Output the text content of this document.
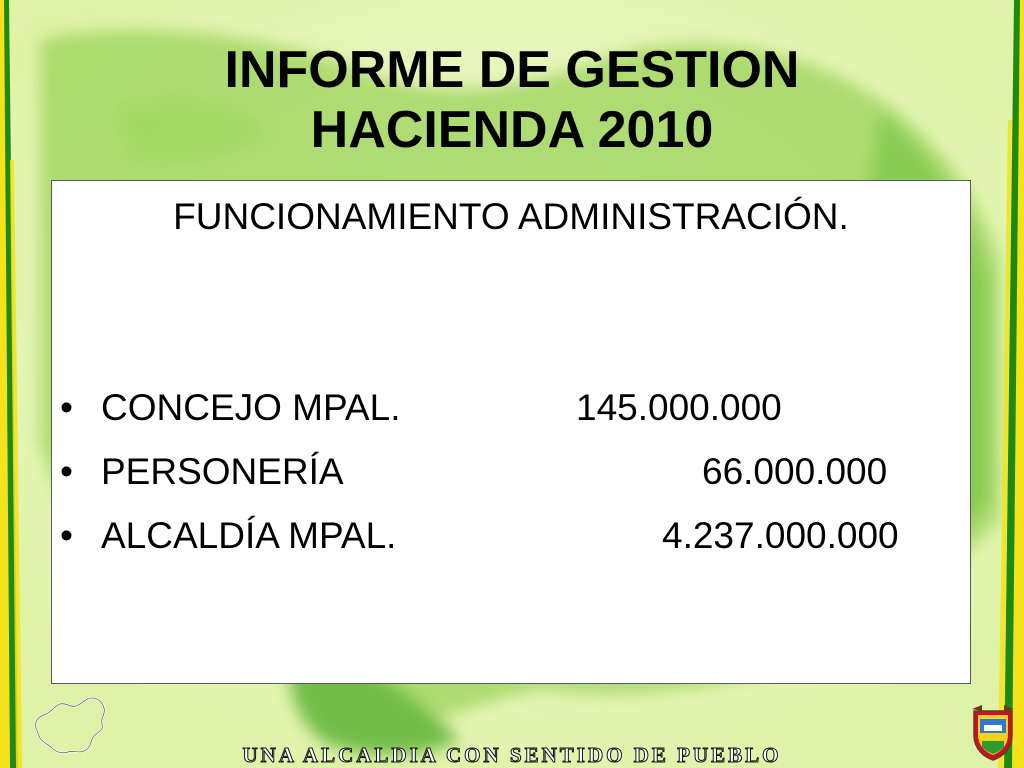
INFORME DE GESTION
HACIENDA 2010
FUNCIONAMIENTO ADMINISTRACIÓN.
• CONCEJO MPAL.	145.000.000
• PERSONERÍA	66.000.000
• ALCALDÍA MPAL.	4.237.000.000
UNA ALCALDIA CON SENTIDO DE PUEBLO
